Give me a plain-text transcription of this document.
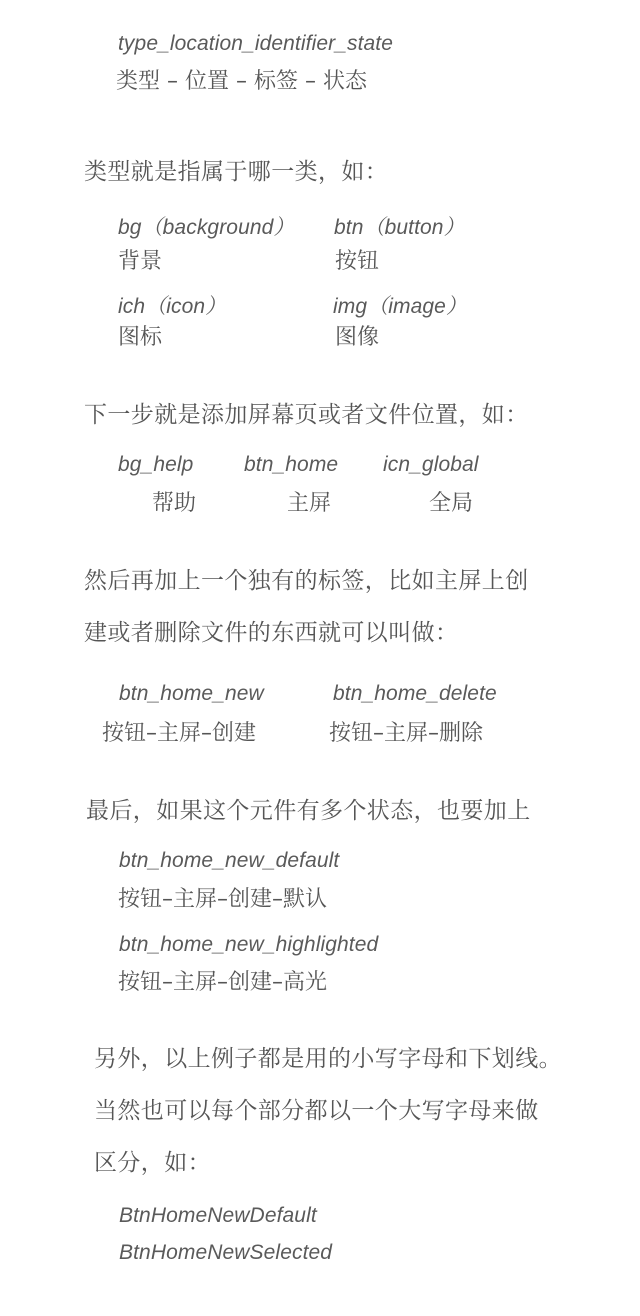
type_location_identifier_state
类型 – 位置 – 标签 – 状态
类型就是指属于哪一类，如：
bg（background）
背景
btn（button）
按钮
ich（icon）
图标
img（image）
图像
下一步就是添加屏幕页或者文件位置，如：
bg_help
帮助
btn_home
主屏
icn_global
全局
然后再加上一个独有的标签，比如主屏上创
建或者删除文件的东西就可以叫做：
btn_home_new
按钮–主屏–创建
btn_home_delete
按钮–主屏–删除
最后，如果这个元件有多个状态，也要加上
btn_home_new_default
按钮–主屏–创建–默认
btn_home_new_highlighted
按钮–主屏–创建–高光
另外，以上例子都是用的小写字母和下划线。
当然也可以每个部分都以一个大写字母来做
区分，如：
BtnHomeNewDefault
BtnHomeNewSelected
